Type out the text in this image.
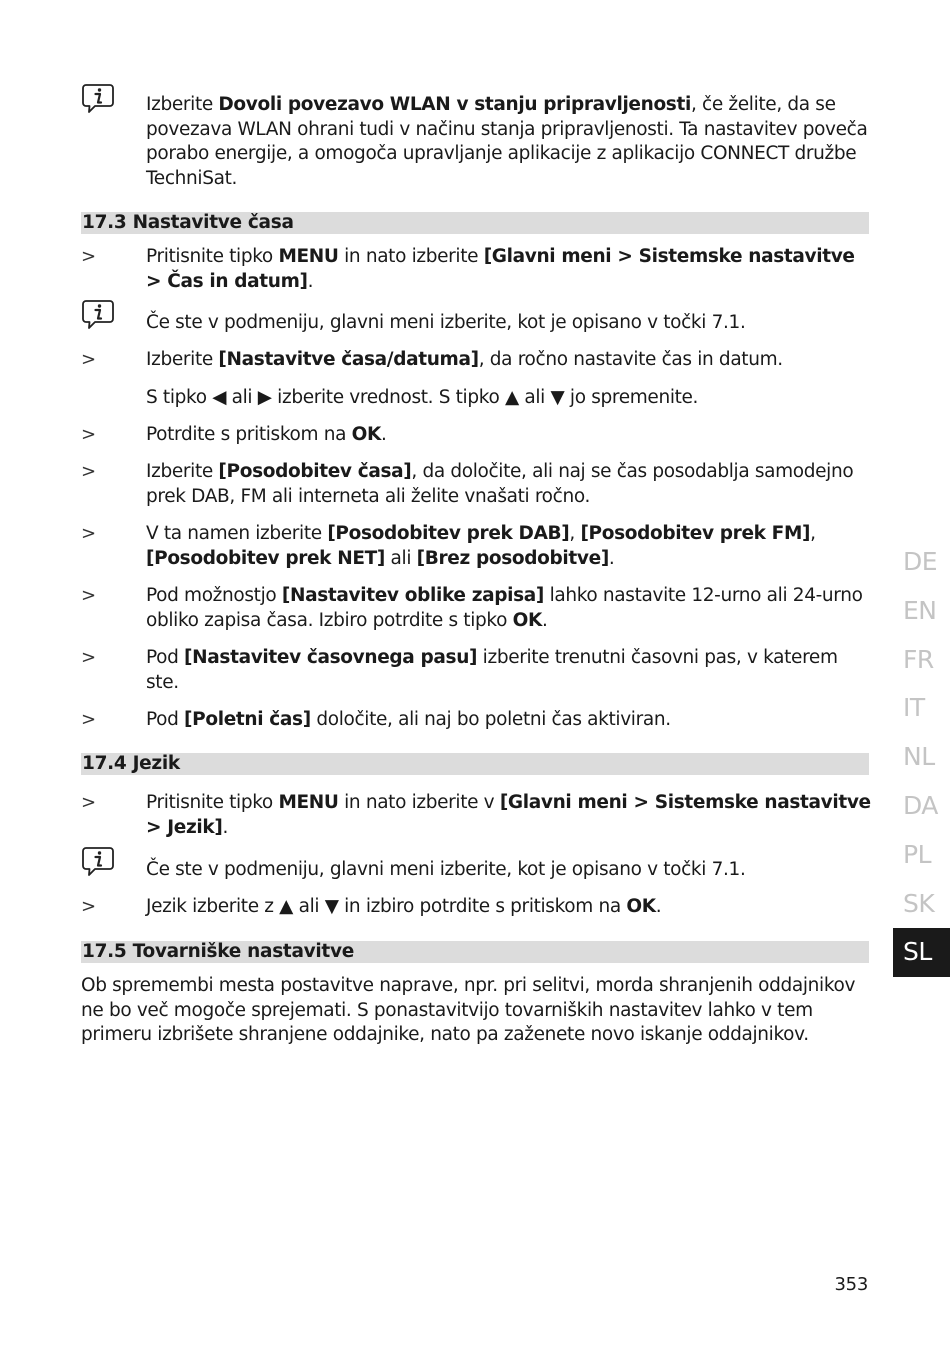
Izberite Dovoli povezavo WLAN v stanju pripravljenosti, če želite, da se povezava WLAN ohrani tudi v načinu stanja pripravljenosti. Ta nastavitev poveča porabo energije, a omogoča upravljanje aplikacije z aplikacijo CONNECT družbe TechniSat.
17.3 Nastavitve časa
>	Pritisnite tipko MENU in nato izberite [Glavni meni > Sistemske nastavitve > Čas in datum].
Če ste v podmeniju, glavni meni izberite, kot je opisano v točki 7.1.
>	Izberite [Nastavitve časa/datuma], da ročno nastavite čas in datum.
S tipko ◀ ali ▶ izberite vrednost. S tipko ▲ ali ▼ jo spremenite.
>	Potrdite s pritiskom na OK.
>	Izberite [Posodobitev časa], da določite, ali naj se čas posodablja samodejno prek DAB, FM ali interneta ali želite vnašati ročno.
>	V ta namen izberite [Posodobitev prek DAB], [Posodobitev prek FM], [Posodobitev prek NET] ali [Brez posodobitve].
>	Pod možnostjo [Nastavitev oblike zapisa] lahko nastavite 12-urno ali 24-urno obliko zapisa časa. Izbiro potrdite s tipko OK.
>	Pod [Nastavitev časovnega pasu] izberite trenutni časovni pas, v katerem ste.
>	Pod [Poletni čas] določite, ali naj bo poletni čas aktiviran.
17.4 Jezik
>	Pritisnite tipko MENU in nato izberite v [Glavni meni > Sistemske nastavitve > Jezik].
Če ste v podmeniju, glavni meni izberite, kot je opisano v točki 7.1.
>	Jezik izberite z ▲ ali ▼ in izbiro potrdite s pritiskom na OK.
17.5 Tovarniške nastavitve
Ob spremembi mesta postavitve naprave, npr. pri selitvi, morda shranjenih oddajnikov ne bo več mogoče sprejemati. S ponastavitvijo tovarniških nastavitev lahko v tem primeru izbrišete shranjene oddajnike, nato pa zaženete novo iskanje oddajnikov.
DE
EN
FR
IT
NL
DA
PL
SK
SL
353
